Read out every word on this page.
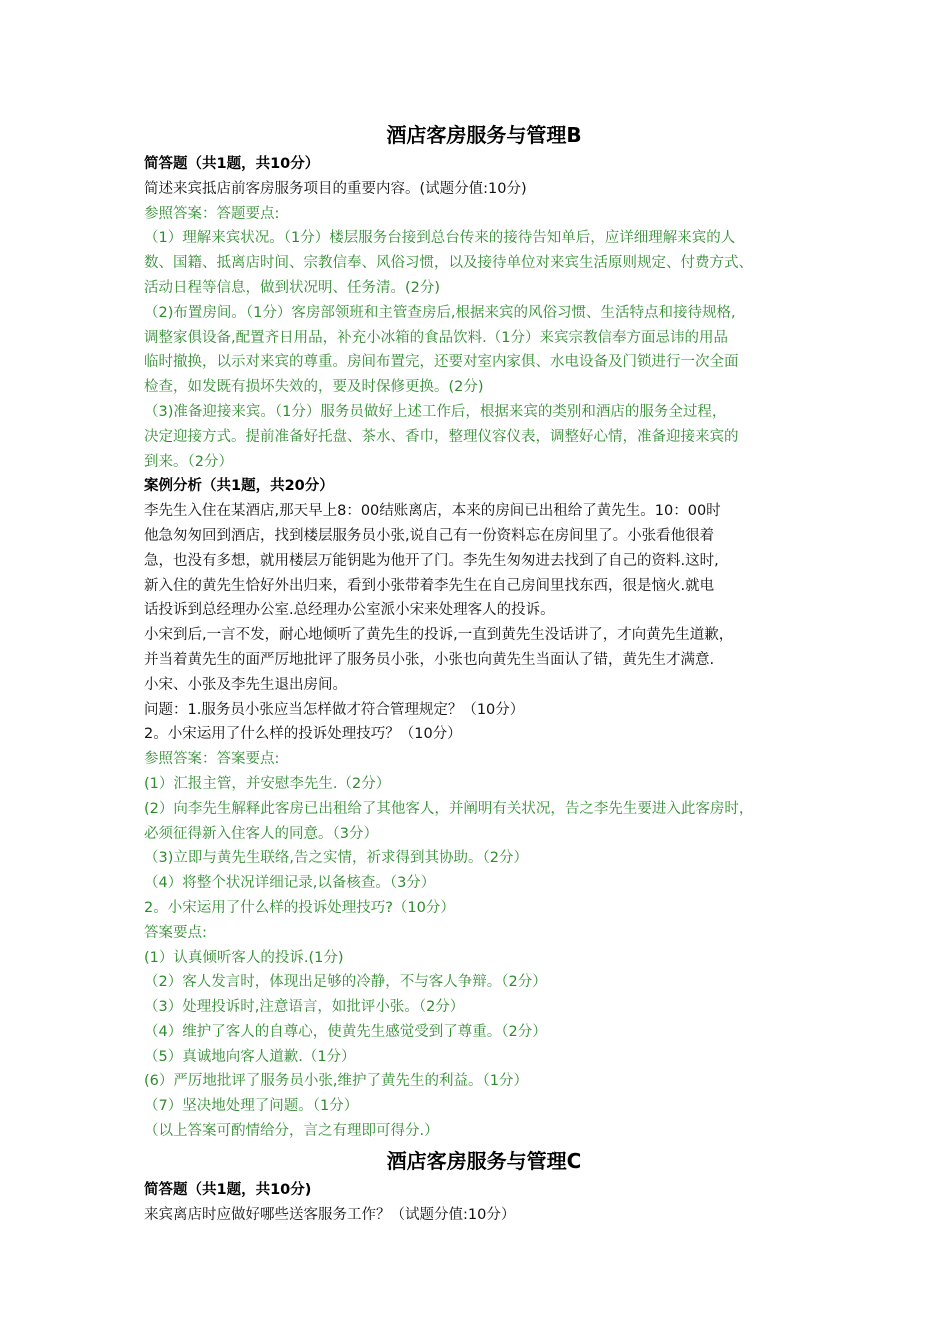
酒店客房服务与管理B
简答题（共1题，共10分）
简述来宾抵店前客房服务项目的重要内容。(试题分值:10分)
参照答案：答题要点:
（1）理解来宾状况。（1分）楼层服务台接到总台传来的接待告知单后，应详细理解来宾的人
数、国籍、抵离店时间、宗教信奉、风俗习惯，以及接待单位对来宾生活原则规定、付费方式、
活动日程等信息，做到状况明、任务清。(2分)
（2)布置房间。（1分）客房部领班和主管查房后,根据来宾的风俗习惯、生活特点和接待规格,
调整家俱设备,配置齐日用品，补充小冰箱的食品饮料.（1分）来宾宗教信奉方面忌讳的用品
临时撤换，以示对来宾的尊重。房间布置完，还要对室内家俱、水电设备及门锁进行一次全面
检查，如发既有损坏失效的，要及时保修更换。(2分)
（3)准备迎接来宾。（1分）服务员做好上述工作后，根据来宾的类别和酒店的服务全过程，
决定迎接方式。提前准备好托盘、茶水、香巾，整理仪容仪表，调整好心情，准备迎接来宾的
到来。（2分）
案例分析（共1题，共20分）
李先生入住在某酒店,那天早上8：00结账离店，本来的房间已出租给了黄先生。10：00时
他急匆匆回到酒店，找到楼层服务员小张,说自己有一份资料忘在房间里了。小张看他很着
急，也没有多想，就用楼层万能钥匙为他开了门。李先生匆匆进去找到了自己的资料.这时,
新入住的黄先生恰好外出归来，看到小张带着李先生在自己房间里找东西，很是恼火.就电
话投诉到总经理办公室.总经理办公室派小宋来处理客人的投诉。
小宋到后,一言不发，耐心地倾听了黄先生的投诉,一直到黄先生没话讲了，才向黄先生道歉，
并当着黄先生的面严厉地批评了服务员小张，小张也向黄先生当面认了错，黄先生才满意.
小宋、小张及李先生退出房间。
问题：1.服务员小张应当怎样做才符合管理规定？（10分）
2。小宋运用了什么样的投诉处理技巧？（10分）
参照答案：答案要点:
(1）汇报主管，并安慰李先生.（2分）
(2）向李先生解释此客房已出租给了其他客人，并阐明有关状况，告之李先生要进入此客房时，
必须征得新入住客人的同意。（3分）
（3)立即与黄先生联络,告之实情，祈求得到其协助。（2分）
（4）将整个状况详细记录,以备核查。（3分）
2。小宋运用了什么样的投诉处理技巧?（10分）
答案要点:
(1）认真倾听客人的投诉.(1分)
（2）客人发言时，体现出足够的冷静，不与客人争辩。（2分）
（3）处理投诉时,注意语言，如批评小张。（2分）
（4）维护了客人的自尊心，使黄先生感觉受到了尊重。（2分）
（5）真诚地向客人道歉.（1分）
(6）严厉地批评了服务员小张,维护了黄先生的利益。（1分）
（7）坚决地处理了问题。（1分）
（以上答案可酌情给分，言之有理即可得分.）
酒店客房服务与管理C
简答题（共1题，共10分)
来宾离店时应做好哪些送客服务工作？（试题分值:10分）
